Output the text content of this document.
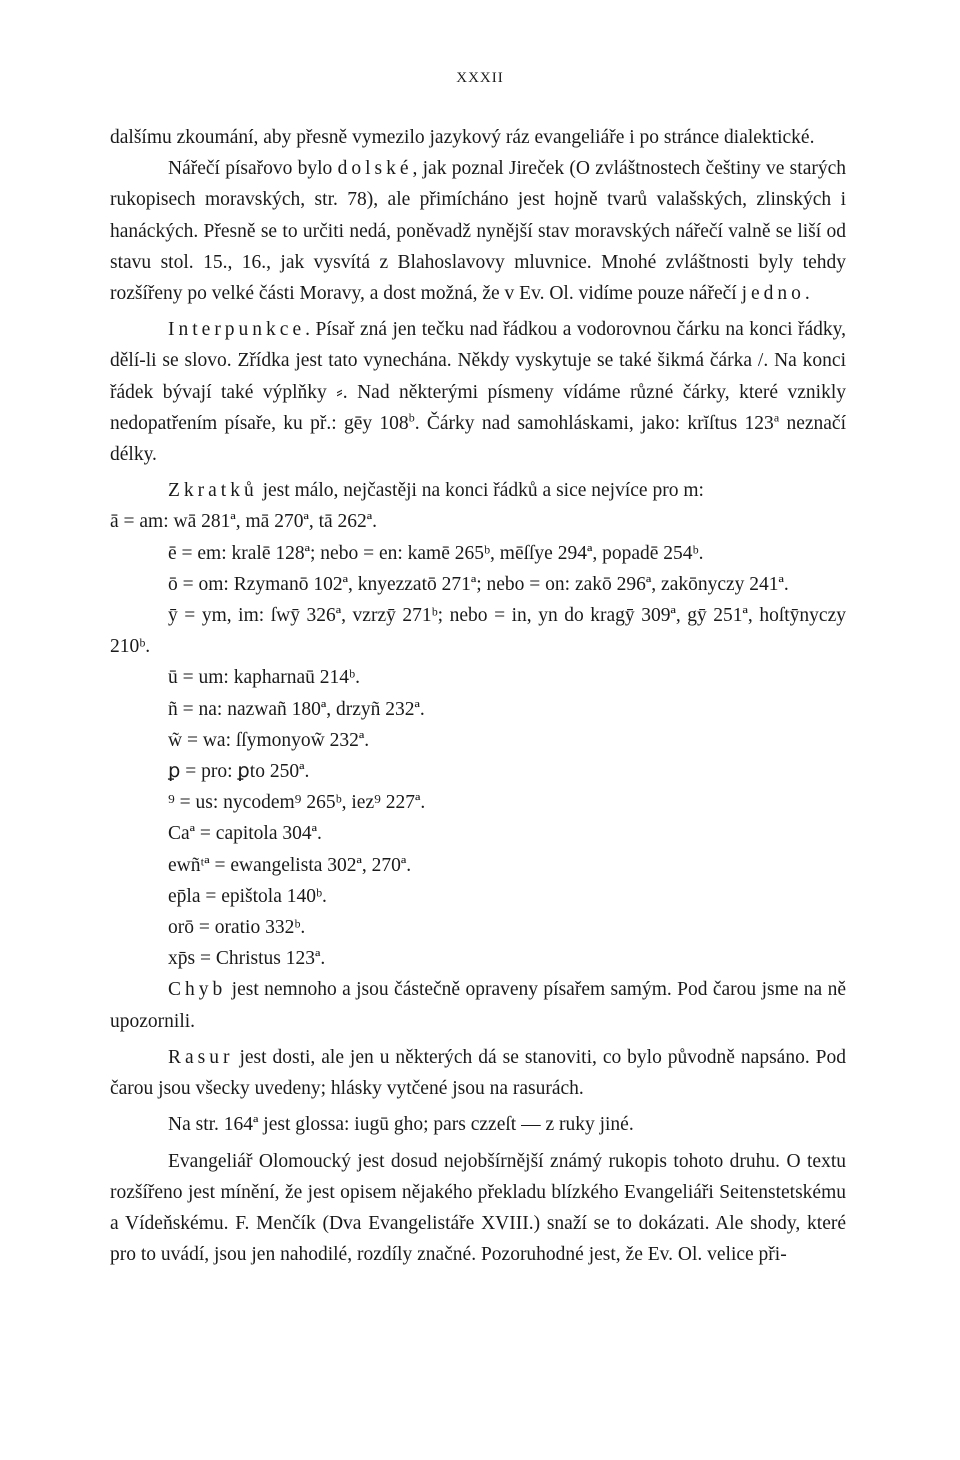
XXXII

dalšímu zkoumání, aby přesně vymezilo jazykový ráz evangeliáře i po stránce dialektické.

Nářečí písařovo bylo dolské, jak poznal Jireček (O zvláštnostech češtiny ve starých rukopisech moravských, str. 78), ale přimícháno jest hojně tvarů valašských, zlinských i hanáckých. Přesně se to určiti nedá, poněvadž nynější stav moravských nářečí valně se liší od stavu stol. 15., 16., jak vysvítá z Blahoslavovy mluvnice. Mnohé zvláštnosti byly tehdy rozšířeny po velké části Moravy, a dost možná, že v Ev. Ol. vidíme pouze nářečí jedno.

Interpunkce. Písař zná jen tečku nad řádkou a vodorovnou čárku na konci řádky, dělí-li se slovo. Zřídka jest tato vynechána. Někdy vyskytuje se také šikmá čárka /. Na konci řádek bývají také výplňky ⸗. Nad některými písmeny vídáme různé čárky, které vznikly nedopatřením písaře, ku př.: gēy 108$^b$. Čárky nad samohláskami, jako: krĭſtus 123$^a$ neznačí délky.

Zkratků jest málo, nejčastěji na konci řádků a sice nejvíce pro m:

ā = am: wā 281ª, mā 270ª, tā 262ª.

ē = em: kralē 128ª; nebo = en: kamē 265ᵇ, mēſſye 294ª, popadē 254ᵇ.

ō = om: Rzymanō 102ª, knyezzatō 271ª; nebo = on: zakō 296ª, zakōnyczy 241ª.

ȳ = ym, im: ſwȳ 326ª, vzrzȳ 271ᵇ; nebo = in, yn do kragȳ 309ª, gȳ 251ª, hoſtȳnyczy 210ᵇ.

ū = um: kapharnaū 214ᵇ.

ñ = na: nazwañ 180ª, drzyñ 232ª.

w̃ = wa: ſſymonyow̃ 232ª.

ꝑ = pro: ꝑto 250ª.

⁹ = us: nycodem⁹ 265ᵇ, iez⁹ 227ª.

Caª = capitola 304ª.

ewñᵗª = ewangelista 302ª, 270ª.

ep̄la = epištola 140ᵇ.

orō = oratio 332ᵇ.

xp̄s = Christus 123ª.

Chyb jest nemnoho a jsou částečně opraveny písařem samým. Pod čarou jsme na ně upozornili.

Rasur jest dosti, ale jen u některých dá se stanoviti, co bylo původně napsáno. Pod čarou jsou všecky uvedeny; hlásky vytčené jsou na rasurách.

Na str. 164ª jest glossa: iugū gho; pars czzeſt — z ruky jiné.

Evangeliář Olomoucký jest dosud nejobšírnější známý rukopis tohoto druhu. O textu rozšířeno jest mínění, že jest opisem nějakého překladu blízkého Evangeliáři Seitenstetskému a Vídeňskému. F. Menčík (Dva Evangelistáře XVIII.) snaží se to dokázati. Ale shody, které pro to uvádí, jsou jen nahodilé, rozdíly značné. Pozoruhodné jest, že Ev. Ol. velice při-
